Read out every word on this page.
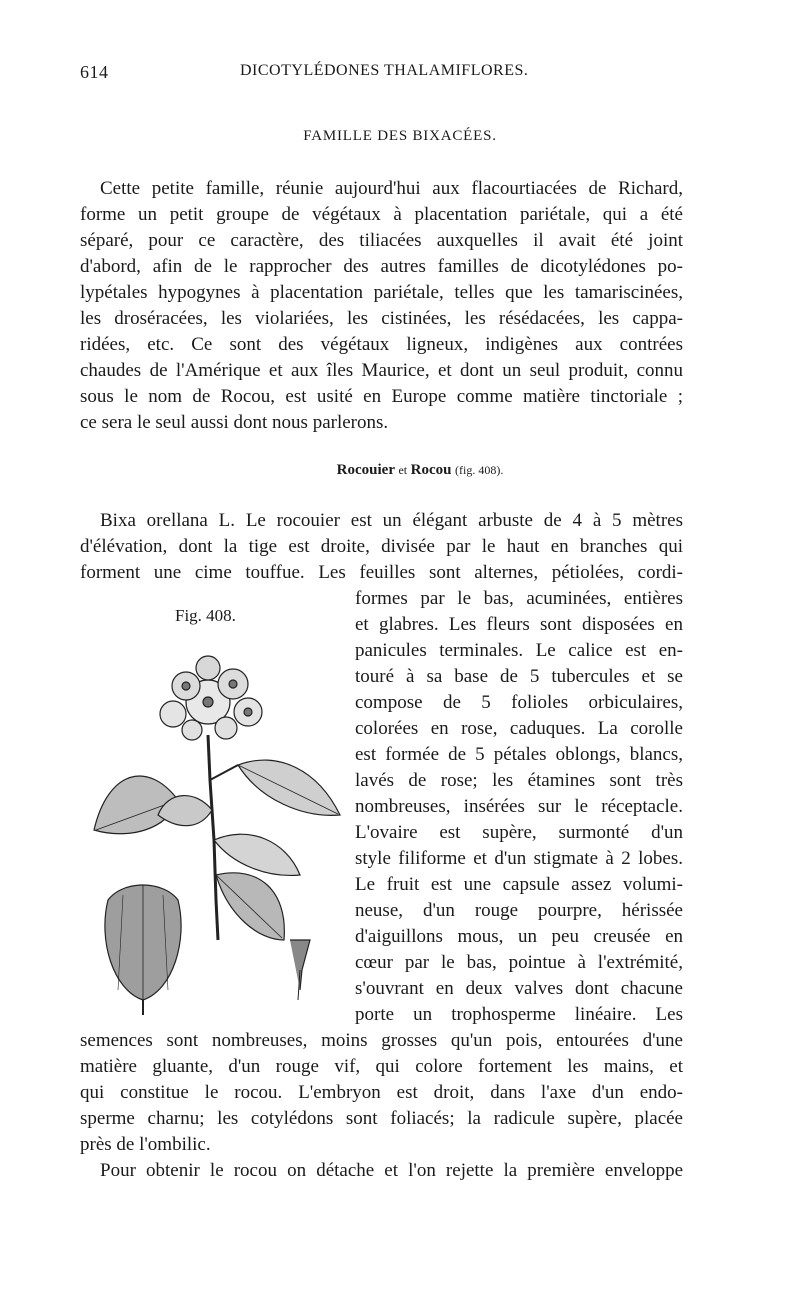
614	DICOTYLÉDONES THALAMIFLORES.
FAMILLE DES BIXACÉES.
Cette petite famille, réunie aujourd'hui aux flacourtiacées de Richard,
forme un petit groupe de végétaux à placentation pariétale, qui a été
séparé, pour ce caractère, des tiliacées auxquelles il avait été joint
d'abord, afin de le rapprocher des autres familles de dicotylédones po-
lypétales hypogynes à placentation pariétale, telles que les tamariscinées,
les droséracées, les violariées, les cistinées, les résédacées, les cappa-
ridées, etc. Ce sont des végétaux ligneux, indigènes aux contrées
chaudes de l'Amérique et aux îles Maurice, et dont un seul produit, connu
sous le nom de Rocou, est usité en Europe comme matière tinctoriale ;
ce sera le seul aussi dont nous parlerons.
Rocouier et Rocou (fig. 408).
Bixa orellana L. Le rocouier est un élégant arbuste de 4 à 5 mètres
d'élévation, dont la tige est droite, divisée par le haut en branches qui
forment une cime touffue. Les feuilles sont alternes, pétiolées, cordi-
Fig. 408.
formes par le bas, acuminées, entières
et glabres. Les fleurs sont disposées en
panicules terminales. Le calice est en-
touré à sa base de 5 tubercules et se
compose de 5 folioles orbiculaires,
colorées en rose, caduques. La corolle
est formée de 5 pétales oblongs, blancs,
lavés de rose; les étamines sont très
nombreuses, insérées sur le réceptacle.
L'ovaire est supère, surmonté d'un
style filiforme et d'un stigmate à 2 lobes.
Le fruit est une capsule assez volumi-
neuse, d'un rouge pourpre, hérissée
d'aiguillons mous, un peu creusée en
cœur par le bas, pointue à l'extrémité,
s'ouvrant en deux valves dont chacune
porte un trophosperme linéaire. Les
semences sont nombreuses, moins grosses qu'un pois, entourées d'une
matière gluante, d'un rouge vif, qui colore fortement les mains, et
qui constitue le rocou. L'embryon est droit, dans l'axe d'un endo-
sperme charnu; les cotylédons sont foliacés; la radicule supère, placée
près de l'ombilic.
Pour obtenir le rocou on détache et l'on rejette la première enveloppe
